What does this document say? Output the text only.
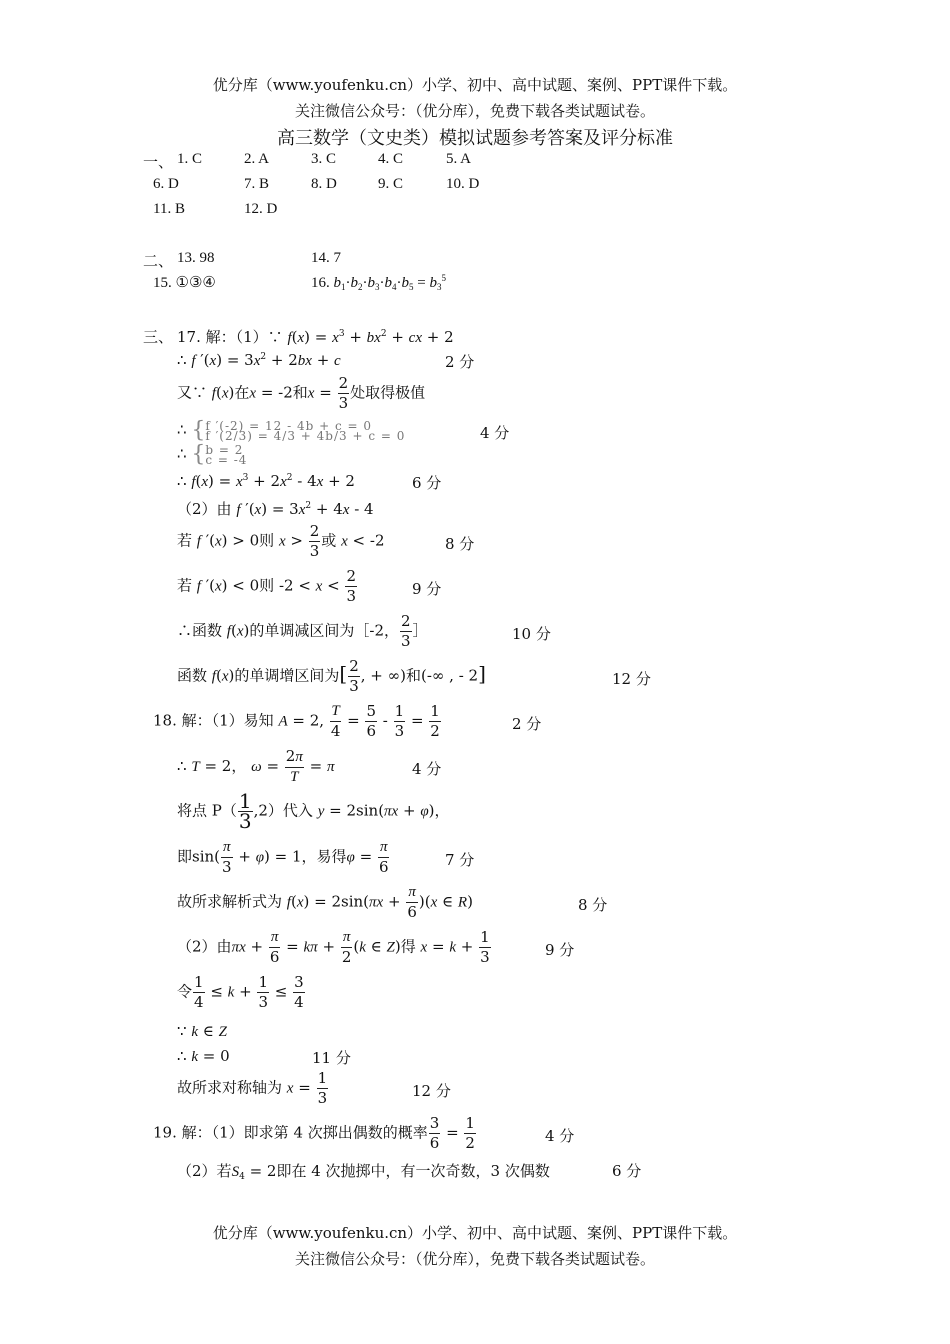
优分库（www.youfenku.cn）小学、初中、高中试题、案例、PPT课件下载。
关注微信公众号：（优分库），免费下载各类试题试卷。
高三数学（文史类）模拟试题参考答案及评分标准
一、 1. C	2. A	3. C	4. C	5. A
6. D	7. B	8. D	9. C	10. D
11. B	12. D
二、 13. 98	14. 7
15. ①③④	16. $b_1\cdot b_2\cdot b_3\cdot b_4\cdot b_5 = b_3^5$
三、 17. 解：（1）∵ $f(x) = x^3 + bx^2$ + cx + 2
∴ f $'(x) = 3x^2 + 2bx + c$	2 分
又∵ f(x)在x = -2和$x = \frac{2}{3}$ 处取得极值
∴ {f ′(-2) = 12 - 4b + c = 0
f ′(2/3) = 4/3 + 4b/3 + c = 0	4 分
∴ {b = 2
c = -4
∴ $f(x) = x^3 + 2x^2 - 4x + 2$	6 分
（2）由 f $'(x) = 3x^2 + 4x - 4$
若 f ′(x) > 0则 $x > \frac{2}{3}$ 或 x < -2	8 分
若 f ′(x) < 0则 $-2 < x < \frac{2}{3}$	9 分
∴函数 f(x)的单调减区间为［-2， $\frac{2}{3}$ ］	10 分
函数 f(x)的单调增区间为[ $\frac{2}{3}$ , + ∞)和(-∞ , - 2]	12 分
18. 解：（1）易知 A = 2, $\frac{T}{4} = \frac{5}{6} - \frac{1}{3} = \frac{1}{2}$	2 分
∴ T = 2， $\omega = \frac{2\pi}{T} = \pi$	4 分
将点 $P( \frac{1}{3} ,2)$代入 y = 2sin(πx + φ)，
即$\sin( \frac{\pi}{3} + \varphi) = 1$，易得$\varphi = \frac{\pi}{6}$	7 分
故所求解析式为 $f(x) = 2\sin(\pi x + \frac{\pi}{6} )(x$ ∈ R)	8 分
（2）由$\pi x + \frac{\pi}{6} = k\pi + \frac{\pi}{2} (k$ ∈ Z)得 $x = k + \frac{1}{3}$	9 分
令 $\frac{1}{4} \le k + \frac{1}{3} \le \frac{3}{4}$
∵ k ∈ Z
∴ k = 0	11 分
故所求对称轴为 $x = \frac{1}{3}$	12 分
19. 解：（1）即求第 4 次掷出偶数的概率 $\frac{3}{6} = \frac{1}{2}$	4 分
（2）若$S_4 = 2$即在 4 次抛掷中，有一次奇数，3 次偶数	6 分
优分库（www.youfenku.cn）小学、初中、高中试题、案例、PPT课件下载。
关注微信公众号：（优分库），免费下载各类试题试卷。
